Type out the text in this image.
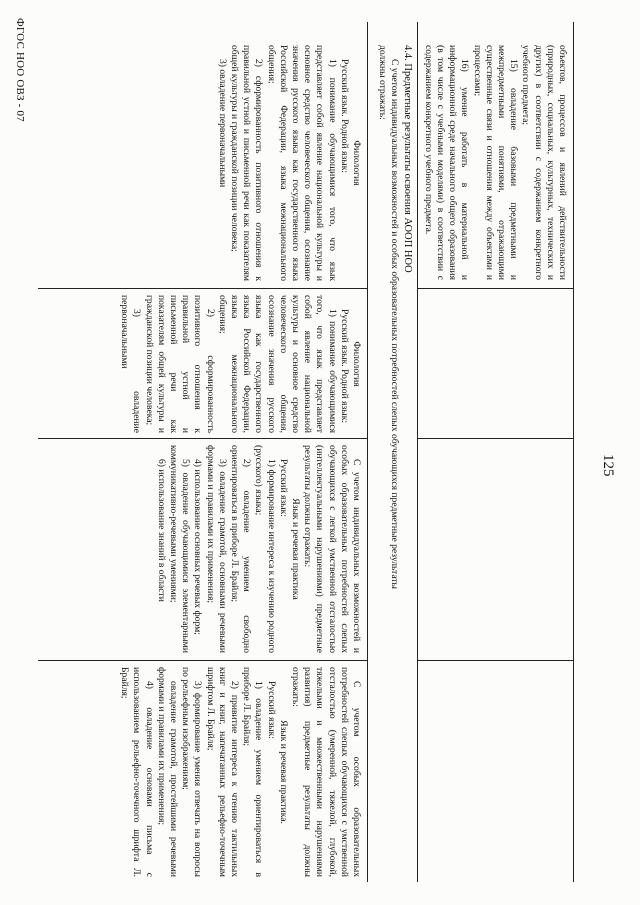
125

объектов, процессов и явлений действительности (природных, социальных, культурных, технических и других) в соответствии с содержанием конкретного учебного предмета;

15) овладение базовыми предметными и межпредметными понятиями, отражающими существенные связи и отношения между объектами и процессами;

16) умение работать в материальной и информационной среде начального общего образования (в том числе с учебными моделями) в соответствии с содержанием конкретного учебного предмета.

4.4. Предметные результаты освоения АООП НОО
С учетом индивидуальных возможностей и особых образовательных потребностей слепых обучающихся предметные результаты должны отражать:

Филология

Русский язык. Родной язык:

1) понимание обучающимися того, что язык представляет собой явление национальной культуры и основное средство человеческого общения, осознание значения русского языка как государственного языка Российской Федерации, языка межнационального общения;

2) сформированность позитивного отношения к правильной устной и письменной речи как показателям общей культуры и гражданской позиции человека;

3) овладение первоначальными

Филология

Русский язык. Родной язык:

1) понимание обучающимися того, что язык представляет собой явление национальной культуры и основное средство человеческого общения, осознание значения русского языка как государственного языка Российской Федерации, языка межнационального общения;

2) сформированность позитивного отношения к правильной устной и письменной речи как показателям общей культуры и гражданской позиции человека;

3) овладение первоначальными

С учетом индивидуальных возможностей и особых образовательных потребностей слепых обучающихся с легкой умственной отсталостью (интеллектуальными нарушениями) предметные результаты должны отражать:

Язык и речевая практика

Русский язык:

1) формирование интереса к изучению родного (русского) языка;

2) овладение умением свободно ориентироваться в приборе Л. Брайля;

3) овладение грамотой, основными речевыми формами и правилами их применения;

4) использование основных речевых форм;

5) овладение обучающимися элементарными коммуникативно-речевыми умениями;

6) использование знаний в области

С учетом особых образовательных потребностей слепых обучающихся с умственной отсталостью (умеренной, тяжелой, глубокой, тяжелыми и множественными нарушениями развития) предметные результаты должны отражать:

Язык и речевая практика.

Русский язык:

1) овладение умением ориентироваться в приборе Л. Брайля;

2) привитие интереса к чтению тактильных книг и книг, напечатанных рельефно-точечным шрифтом Л. Брайля;

3) формирование умения отвечать на вопросы по рельефным изображениям;

овладение грамотой, простейшими речевыми формами и правилами их применения;

4) овладение основами письма с использованием рельефно-точечного шрифта Л. Брайля;

ФГОС НОО ОВЗ - 07
